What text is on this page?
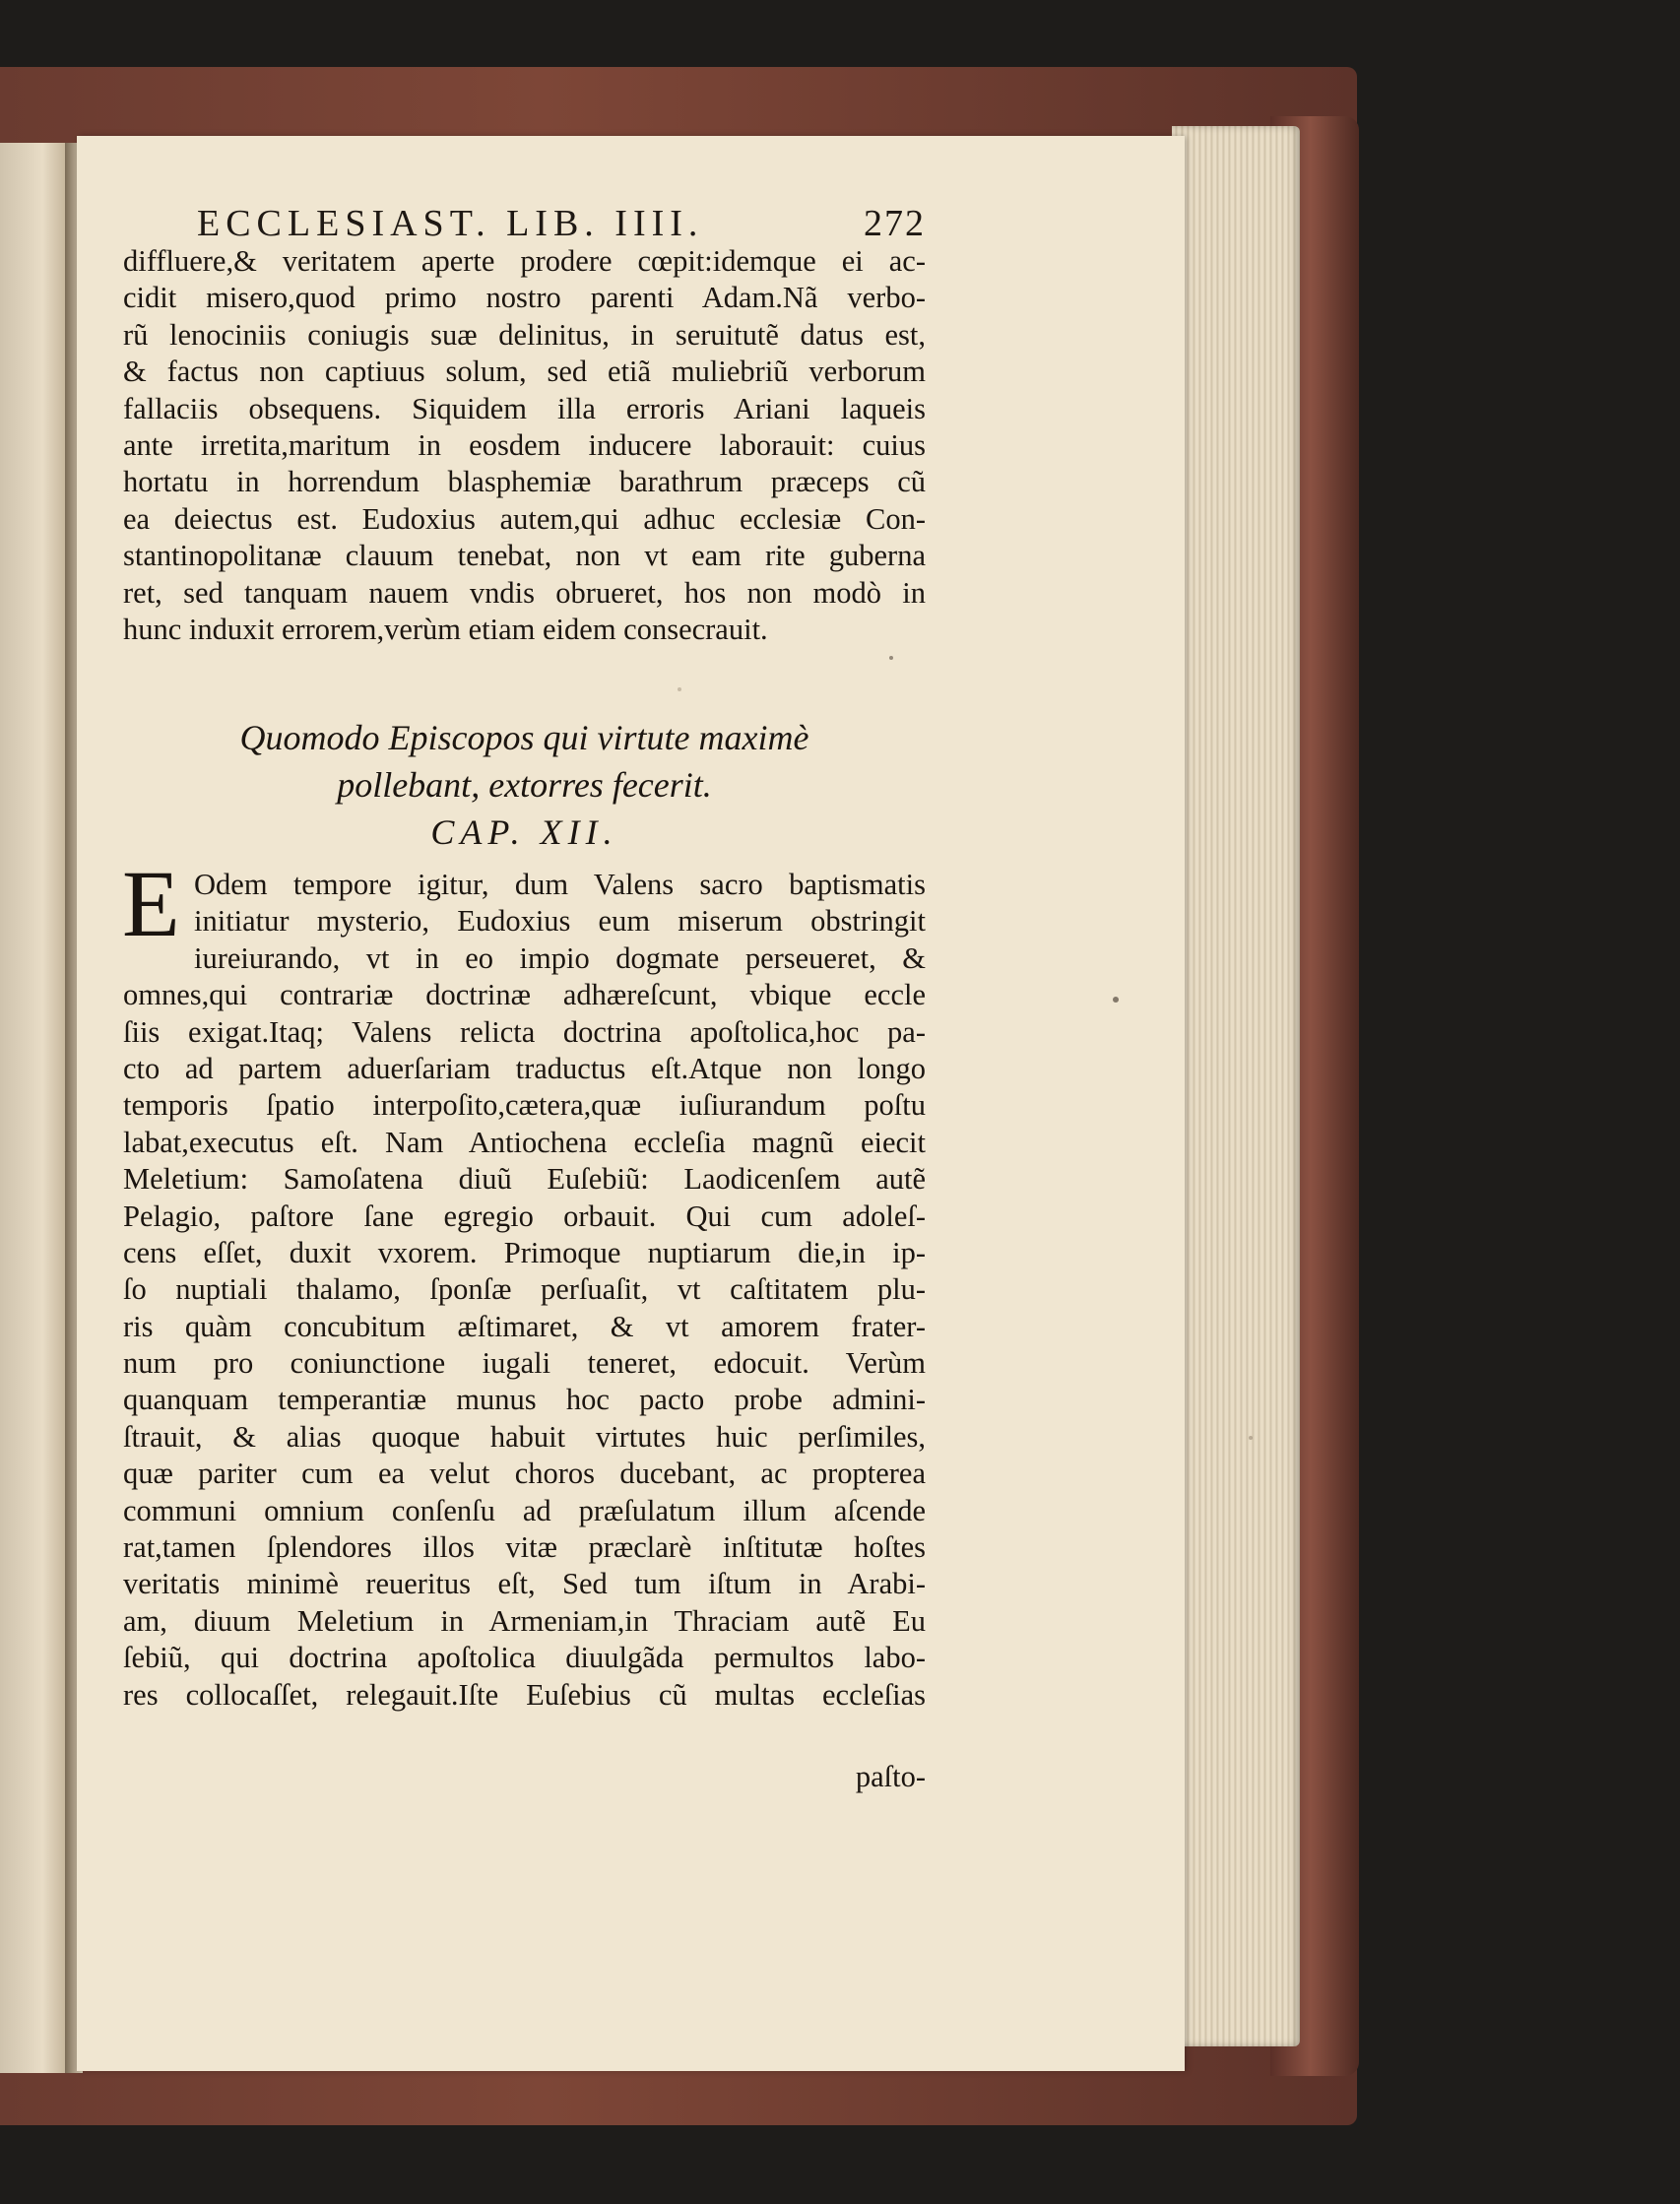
ECCLESIAST. LIB. IIII.	272
diffluere,& veritatem aperte prodere cœpit:idemque ei ac-
cidit misero,quod primo nostro parenti Adam.Nã verbo-
rũ lenociniis coniugis suæ delinitus, in seruitutẽ datus est,
& factus non captiuus solum, sed etiã muliebriũ verborum
fallaciis obsequens. Siquidem illa erroris Ariani laqueis
ante irretita,maritum in eosdem inducere laborauit: cuius
hortatu in horrendum blasphemiæ barathrum præceps cũ
ea deiectus est. Eudoxius autem,qui adhuc ecclesiæ Con-
stantinopolitanæ clauum tenebat, non vt eam rite guberna
ret, sed tanquam nauem vndis obrueret, hos non modò in
hunc induxit errorem,verùm etiam eidem consecrauit.
Quomodo Episcopos qui virtute maximè
pollebant, extorres fecerit.
CAP. XII.
E Odem tempore igitur, dum Valens sacro baptismatis
initiatur mysterio, Eudoxius eum miserum obstringit
iureiurando, vt in eo impio dogmate perseueret, &
omnes,qui contrariæ doctrinæ adhæreſcunt, vbique eccle
ſiis exigat.Itaq; Valens relicta doctrina apoſtolica,hoc pa-
cto ad partem aduerſariam traductus eſt.Atque non longo
temporis ſpatio interpoſito,cætera,quæ iuſiurandum poſtu
labat,executus eſt. Nam Antiochena eccleſia magnũ eiecit
Meletium: Samoſatena diuũ Euſebiũ: Laodicenſem autẽ
Pelagio, paſtore ſane egregio orbauit. Qui cum adoleſ-
cens eſſet, duxit vxorem. Primoque nuptiarum die,in ip-
ſo nuptiali thalamo, ſponſæ perſuaſit, vt caſtitatem plu-
ris quàm concubitum æſtimaret, & vt amorem frater-
num pro coniunctione iugali teneret, edocuit. Verùm
quanquam temperantiæ munus hoc pacto probe admini-
ſtrauit, & alias quoque habuit virtutes huic perſimiles,
quæ pariter cum ea velut choros ducebant, ac propterea
communi omnium conſenſu ad præſulatum illum aſcende
rat,tamen ſplendores illos vitæ præclarè inſtitutæ hoſtes
veritatis minimè reueritus eſt, Sed tum iſtum in Arabi-
am, diuum Meletium in Armeniam,in Thraciam autẽ Eu
ſebiũ, qui doctrina apoſtolica diuulgãda permultos labo-
res collocaſſet, relegauit.Iſte Euſebius cũ multas eccleſias
paſto-
